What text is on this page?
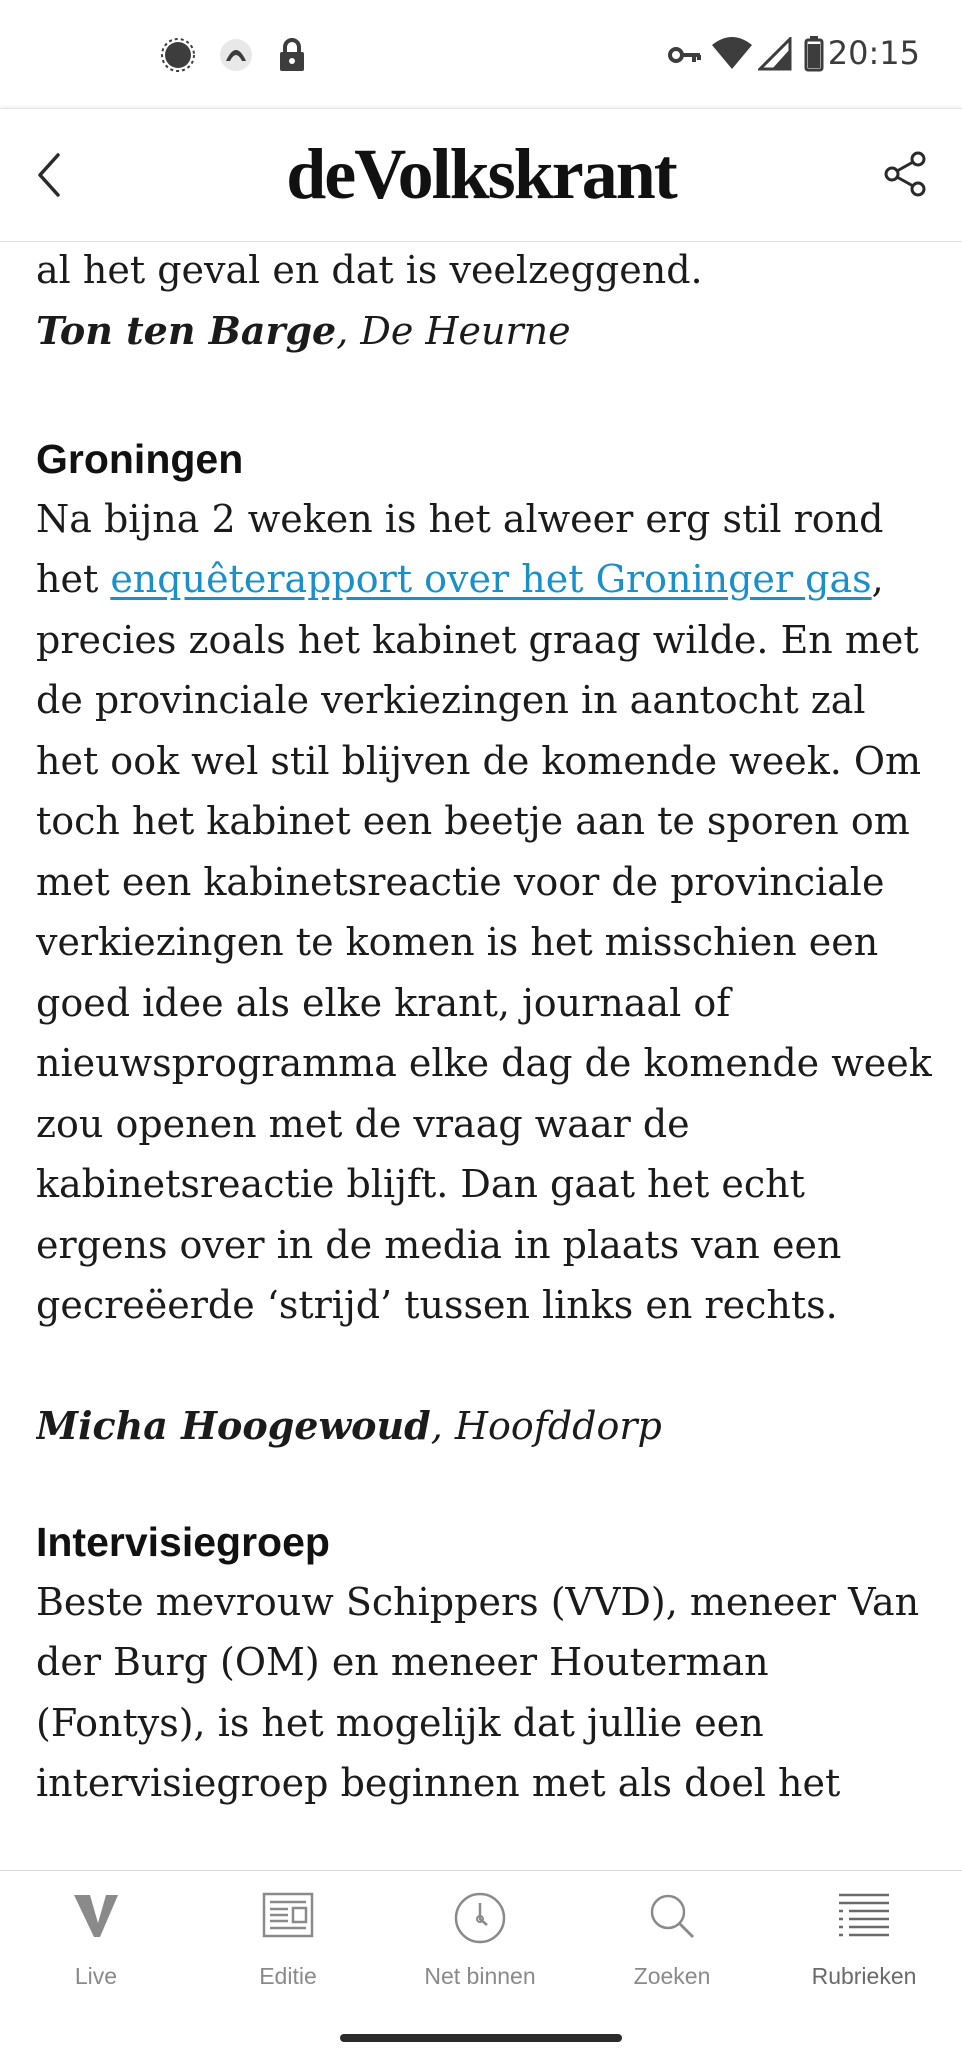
20:15
deVolkskrant

al het geval en dat is veelzeggend.

Ton ten Barge, De Heurne

Groningen

Na bijna 2 weken is het alweer erg stil rond het enquêterapport over het Groninger gas, precies zoals het kabinet graag wilde. En met de provinciale verkiezingen in aantocht zal het ook wel stil blijven de komende week. Om toch het kabinet een beetje aan te sporen om met een kabinetsreactie voor de provinciale verkiezingen te komen is het misschien een goed idee als elke krant, journaal of nieuwsprogramma elke dag de komende week zou openen met de vraag waar de kabinetsreactie blijft. Dan gaat het echt ergens over in de media in plaats van een gecreëerde ‘strijd’ tussen links en rechts.

Micha Hoogewoud, Hoofddorp

Intervisiegroep

Beste mevrouw Schippers (VVD), meneer Van der Burg (OM) en meneer Houterman (Fontys), is het mogelijk dat jullie een intervisiegroep beginnen met als doel het

Live	Editie	Net binnen	Zoeken	Rubrieken
